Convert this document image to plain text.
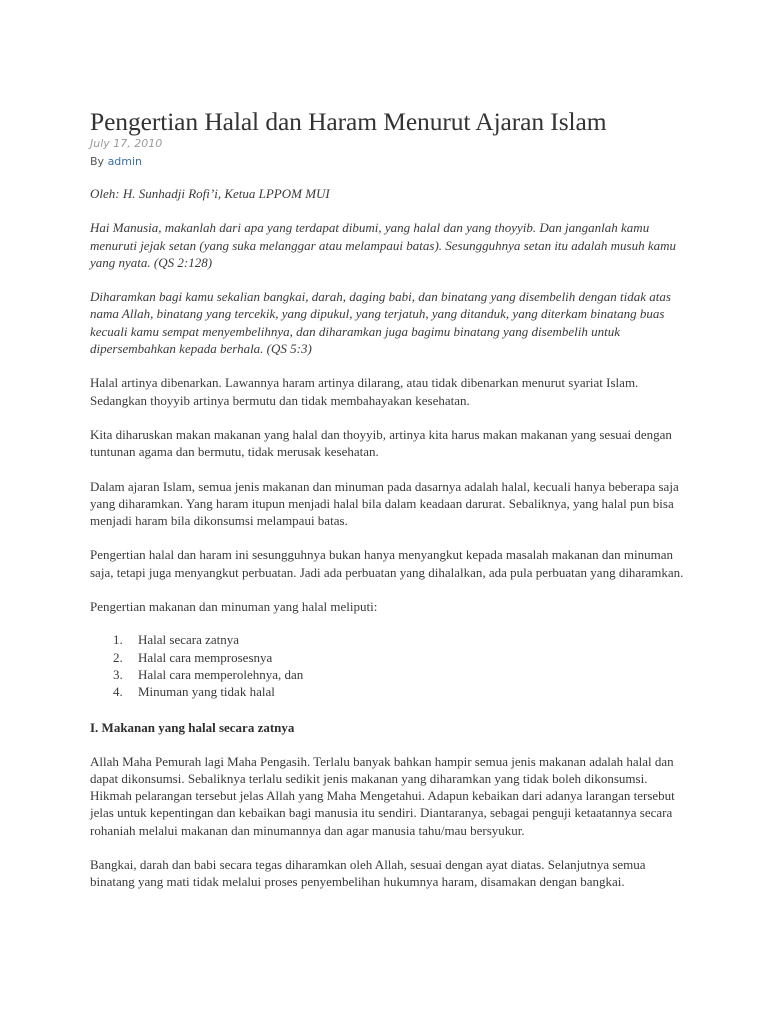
Pengertian Halal dan Haram Menurut Ajaran Islam
July 17, 2010
By admin

Oleh: H. Sunhadji Rofi’i, Ketua LPPOM MUI

Hai Manusia, makanlah dari apa yang terdapat dibumi, yang halal dan yang thoyyib. Dan janganlah kamu menuruti jejak setan (yang suka melanggar atau melampaui batas). Sesungguhnya setan itu adalah musuh kamu yang nyata. (QS 2:128)

Diharamkan bagi kamu sekalian bangkai, darah, daging babi, dan binatang yang disembelih dengan tidak atas nama Allah, binatang yang tercekik, yang dipukul, yang terjatuh, yang ditanduk, yang diterkam binatang buas kecuali kamu sempat menyembelihnya, dan diharamkan juga bagimu binatang yang disembelih untuk dipersembahkan kepada berhala. (QS 5:3)

Halal artinya dibenarkan. Lawannya haram artinya dilarang, atau tidak dibenarkan menurut syariat Islam. Sedangkan thoyyib artinya bermutu dan tidak membahayakan kesehatan.

Kita diharuskan makan makanan yang halal dan thoyyib, artinya kita harus makan makanan yang sesuai dengan tuntunan agama dan bermutu, tidak merusak kesehatan.

Dalam ajaran Islam, semua jenis makanan dan minuman pada dasarnya adalah halal, kecuali hanya beberapa saja yang diharamkan. Yang haram itupun menjadi halal bila dalam keadaan darurat. Sebaliknya, yang halal pun bisa menjadi haram bila dikonsumsi melampaui batas.

Pengertian halal dan haram ini sesungguhnya bukan hanya menyangkut kepada masalah makanan dan minuman saja, tetapi juga menyangkut perbuatan. Jadi ada perbuatan yang dihalalkan, ada pula perbuatan yang diharamkan.

Pengertian makanan dan minuman yang halal meliputi:

1. Halal secara zatnya
2. Halal cara memprosesnya
3. Halal cara memperolehnya, dan
4. Minuman yang tidak halal
I. Makanan yang halal secara zatnya

Allah Maha Pemurah lagi Maha Pengasih. Terlalu banyak bahkan hampir semua jenis makanan adalah halal dan dapat dikonsumsi. Sebaliknya terlalu sedikit jenis makanan yang diharamkan yang tidak boleh dikonsumsi. Hikmah pelarangan tersebut jelas Allah yang Maha Mengetahui. Adapun kebaikan dari adanya larangan tersebut jelas untuk kepentingan dan kebaikan bagi manusia itu sendiri. Diantaranya, sebagai penguji ketaatannya secara rohaniah melalui makanan dan minumannya dan agar manusia tahu/mau bersyukur.

Bangkai, darah dan babi secara tegas diharamkan oleh Allah, sesuai dengan ayat diatas. Selanjutnya semua binatang yang mati tidak melalui proses penyembelihan hukumnya haram, disamakan dengan bangkai.
